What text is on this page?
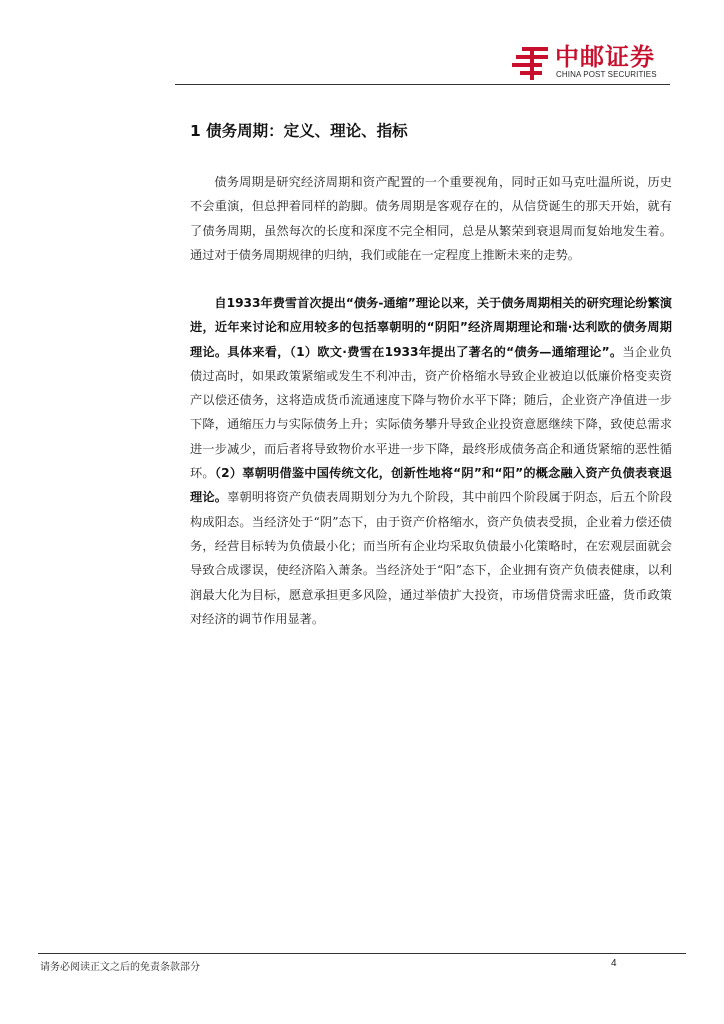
中邮证券
CHINA POST SECURITIES
1 债务周期：定义、理论、指标

债务周期是研究经济周期和资产配置的一个重要视角，同时正如马克吐温所说，历史不会重演，但总押着同样的韵脚。债务周期是客观存在的，从信贷诞生的那天开始，就有了债务周期，虽然每次的长度和深度不完全相同，总是从繁荣到衰退周而复始地发生着。通过对于债务周期规律的归纳，我们或能在一定程度上推断未来的走势。

自1933年费雪首次提出“债务-通缩”理论以来，关于债务周期相关的研究理论纷繁演进，近年来讨论和应用较多的包括辜朝明的“阴阳”经济周期理论和瑞·达利欧的债务周期理论。具体来看，（1）欧文·费雪在1933年提出了著名的“债务—通缩理论”。当企业负债过高时，如果政策紧缩或发生不利冲击，资产价格缩水导致企业被迫以低廉价格变卖资产以偿还债务，这将造成货币流通速度下降与物价水平下降；随后，企业资产净值进一步下降，通缩压力与实际债务上升；实际债务攀升导致企业投资意愿继续下降，致使总需求进一步减少，而后者将导致物价水平进一步下降，最终形成债务高企和通货紧缩的恶性循环。（2）辜朝明借鉴中国传统文化，创新性地将“阴”和“阳”的概念融入资产负债表衰退理论。辜朝明将资产负债表周期划分为九个阶段，其中前四个阶段属于阴态，后五个阶段构成阳态。当经济处于“阴”态下，由于资产价格缩水，资产负债表受损，企业着力偿还债务，经营目标转为负债最小化；而当所有企业均采取负债最小化策略时，在宏观层面就会导致合成谬误，使经济陷入萧条。当经济处于“阳”态下，企业拥有资产负债表健康，以利润最大化为目标，愿意承担更多风险，通过举债扩大投资，市场借贷需求旺盛，货币政策对经济的调节作用显著。

请务必阅读正文之后的免责条款部分	4
